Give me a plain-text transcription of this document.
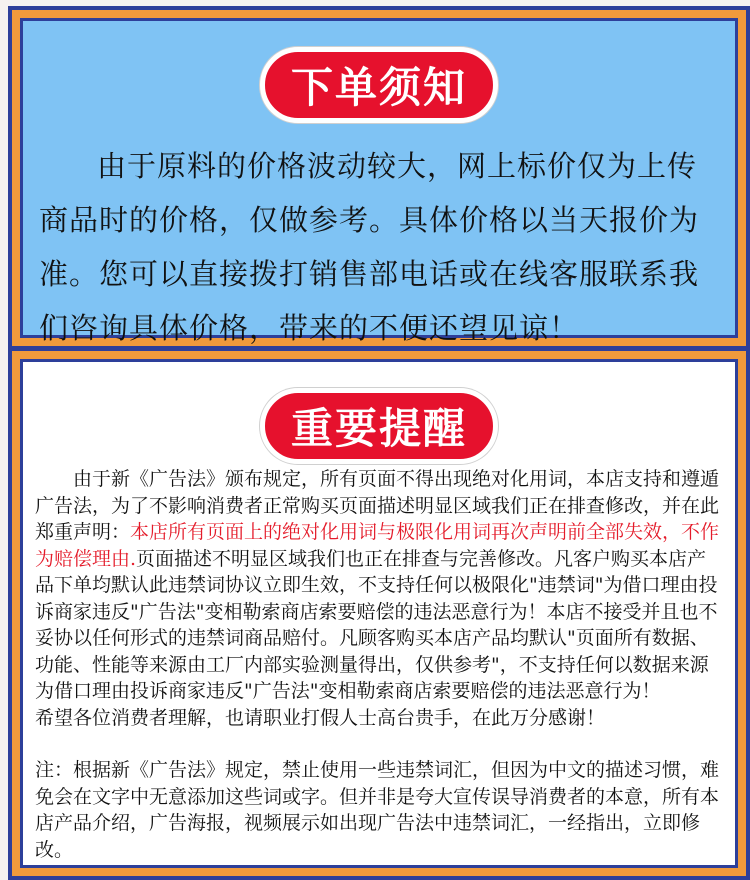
下单须知

由于原料的价格波动较大，网上标价仅为上传商品时的价格，仅做参考。具体价格以当天报价为准。您可以直接拨打销售部电话或在线客服联系我们咨询具体价格，带来的不便还望见谅！

重要提醒

由于新《广告法》颁布规定，所有页面不得出现绝对化用词，本店支持和遵遁广告法，为了不影响消费者正常购买页面描述明显区域我们正在排查修改，并在此郑重声明：本店所有页面上的绝对化用词与极限化用词再次声明前全部失效，不作为赔偿理由.页面描述不明显区域我们也正在排查与完善修改。凡客户购买本店产品下单均默认此违禁词协议立即生效，不支持任何以极限化"违禁词"为借口理由投诉商家违反"广告法"变相勒索商店索要赔偿的违法恶意行为！本店不接受并且也不妥协以任何形式的违禁词商品赔付。凡顾客购买本店产品均默认"页面所有数据、功能、性能等来源由工厂内部实验测量得出，仅供参考"，不支持任何以数据来源为借口理由投诉商家违反"广告法"变相勒索商店索要赔偿的违法恶意行为！

希望各位消费者理解，也请职业打假人士高台贵手，在此万分感谢！

注：根据新《广告法》规定，禁止使用一些违禁词汇，但因为中文的描述习惯，难免会在文字中无意添加这些词或字。但并非是夸大宣传误导消费者的本意，所有本店产品介绍，广告海报，视频展示如出现广告法中违禁词汇，一经指出，立即修改。
